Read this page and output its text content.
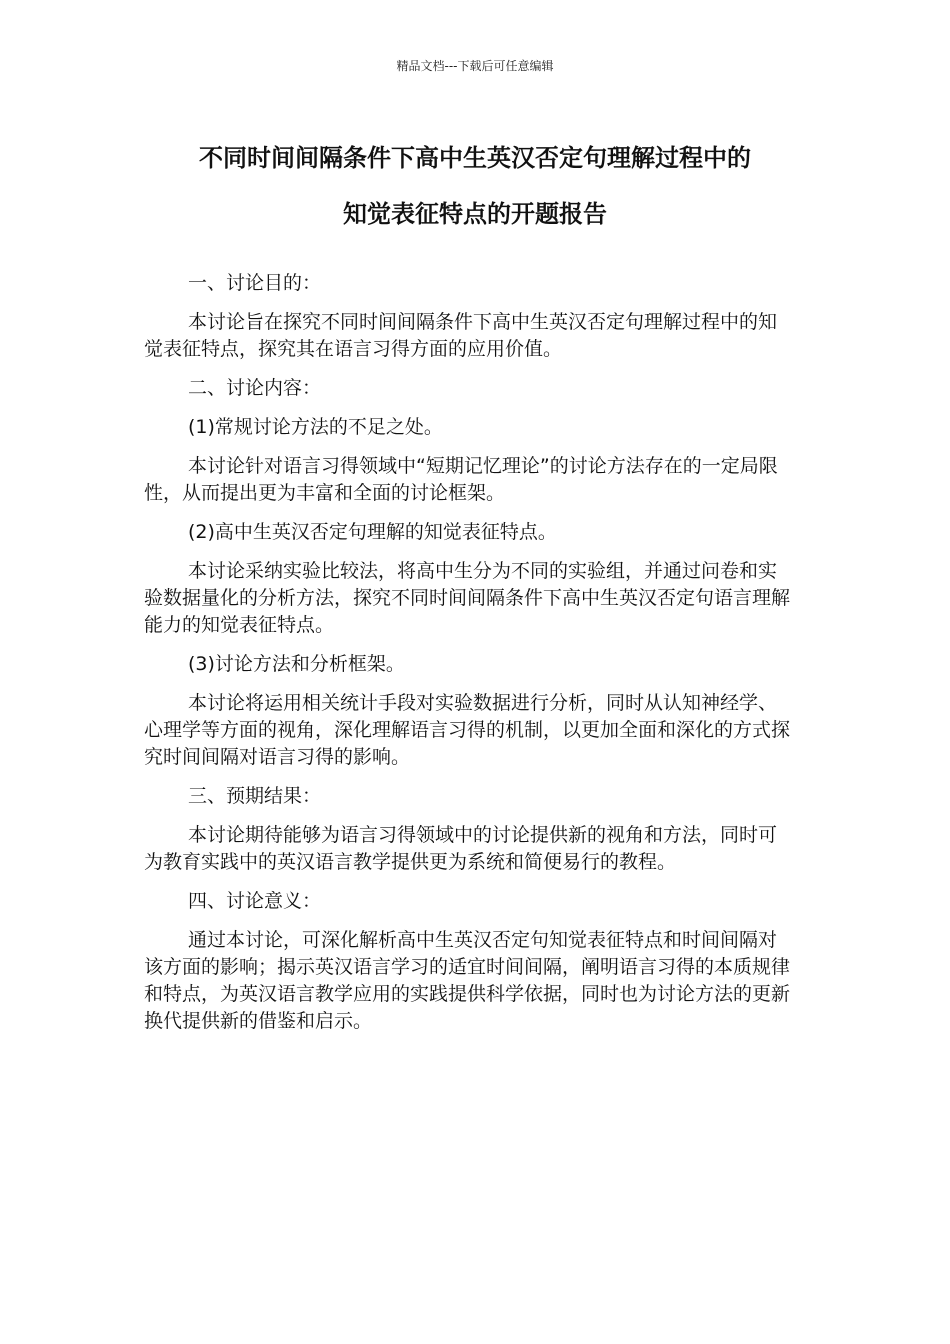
精品文档---下载后可任意编辑
不同时间间隔条件下高中生英汉否定句理解过程中的
知觉表征特点的开题报告

一、讨论目的：

本讨论旨在探究不同时间间隔条件下高中生英汉否定句理解过程中的知觉表征特点，探究其在语言习得方面的应用价值。

二、讨论内容：

(1)常规讨论方法的不足之处。

本讨论针对语言习得领域中“短期记忆理论”的讨论方法存在的一定局限性，从而提出更为丰富和全面的讨论框架。

(2)高中生英汉否定句理解的知觉表征特点。

本讨论采纳实验比较法，将高中生分为不同的实验组，并通过问卷和实验数据量化的分析方法，探究不同时间间隔条件下高中生英汉否定句语言理解能力的知觉表征特点。

(3)讨论方法和分析框架。

本讨论将运用相关统计手段对实验数据进行分析，同时从认知神经学、心理学等方面的视角，深化理解语言习得的机制，以更加全面和深化的方式探究时间间隔对语言习得的影响。

三、预期结果：

本讨论期待能够为语言习得领域中的讨论提供新的视角和方法，同时可为教育实践中的英汉语言教学提供更为系统和简便易行的教程。

四、讨论意义：

通过本讨论，可深化解析高中生英汉否定句知觉表征特点和时间间隔对该方面的影响；揭示英汉语言学习的适宜时间间隔，阐明语言习得的本质规律和特点，为英汉语言教学应用的实践提供科学依据，同时也为讨论方法的更新换代提供新的借鉴和启示。
